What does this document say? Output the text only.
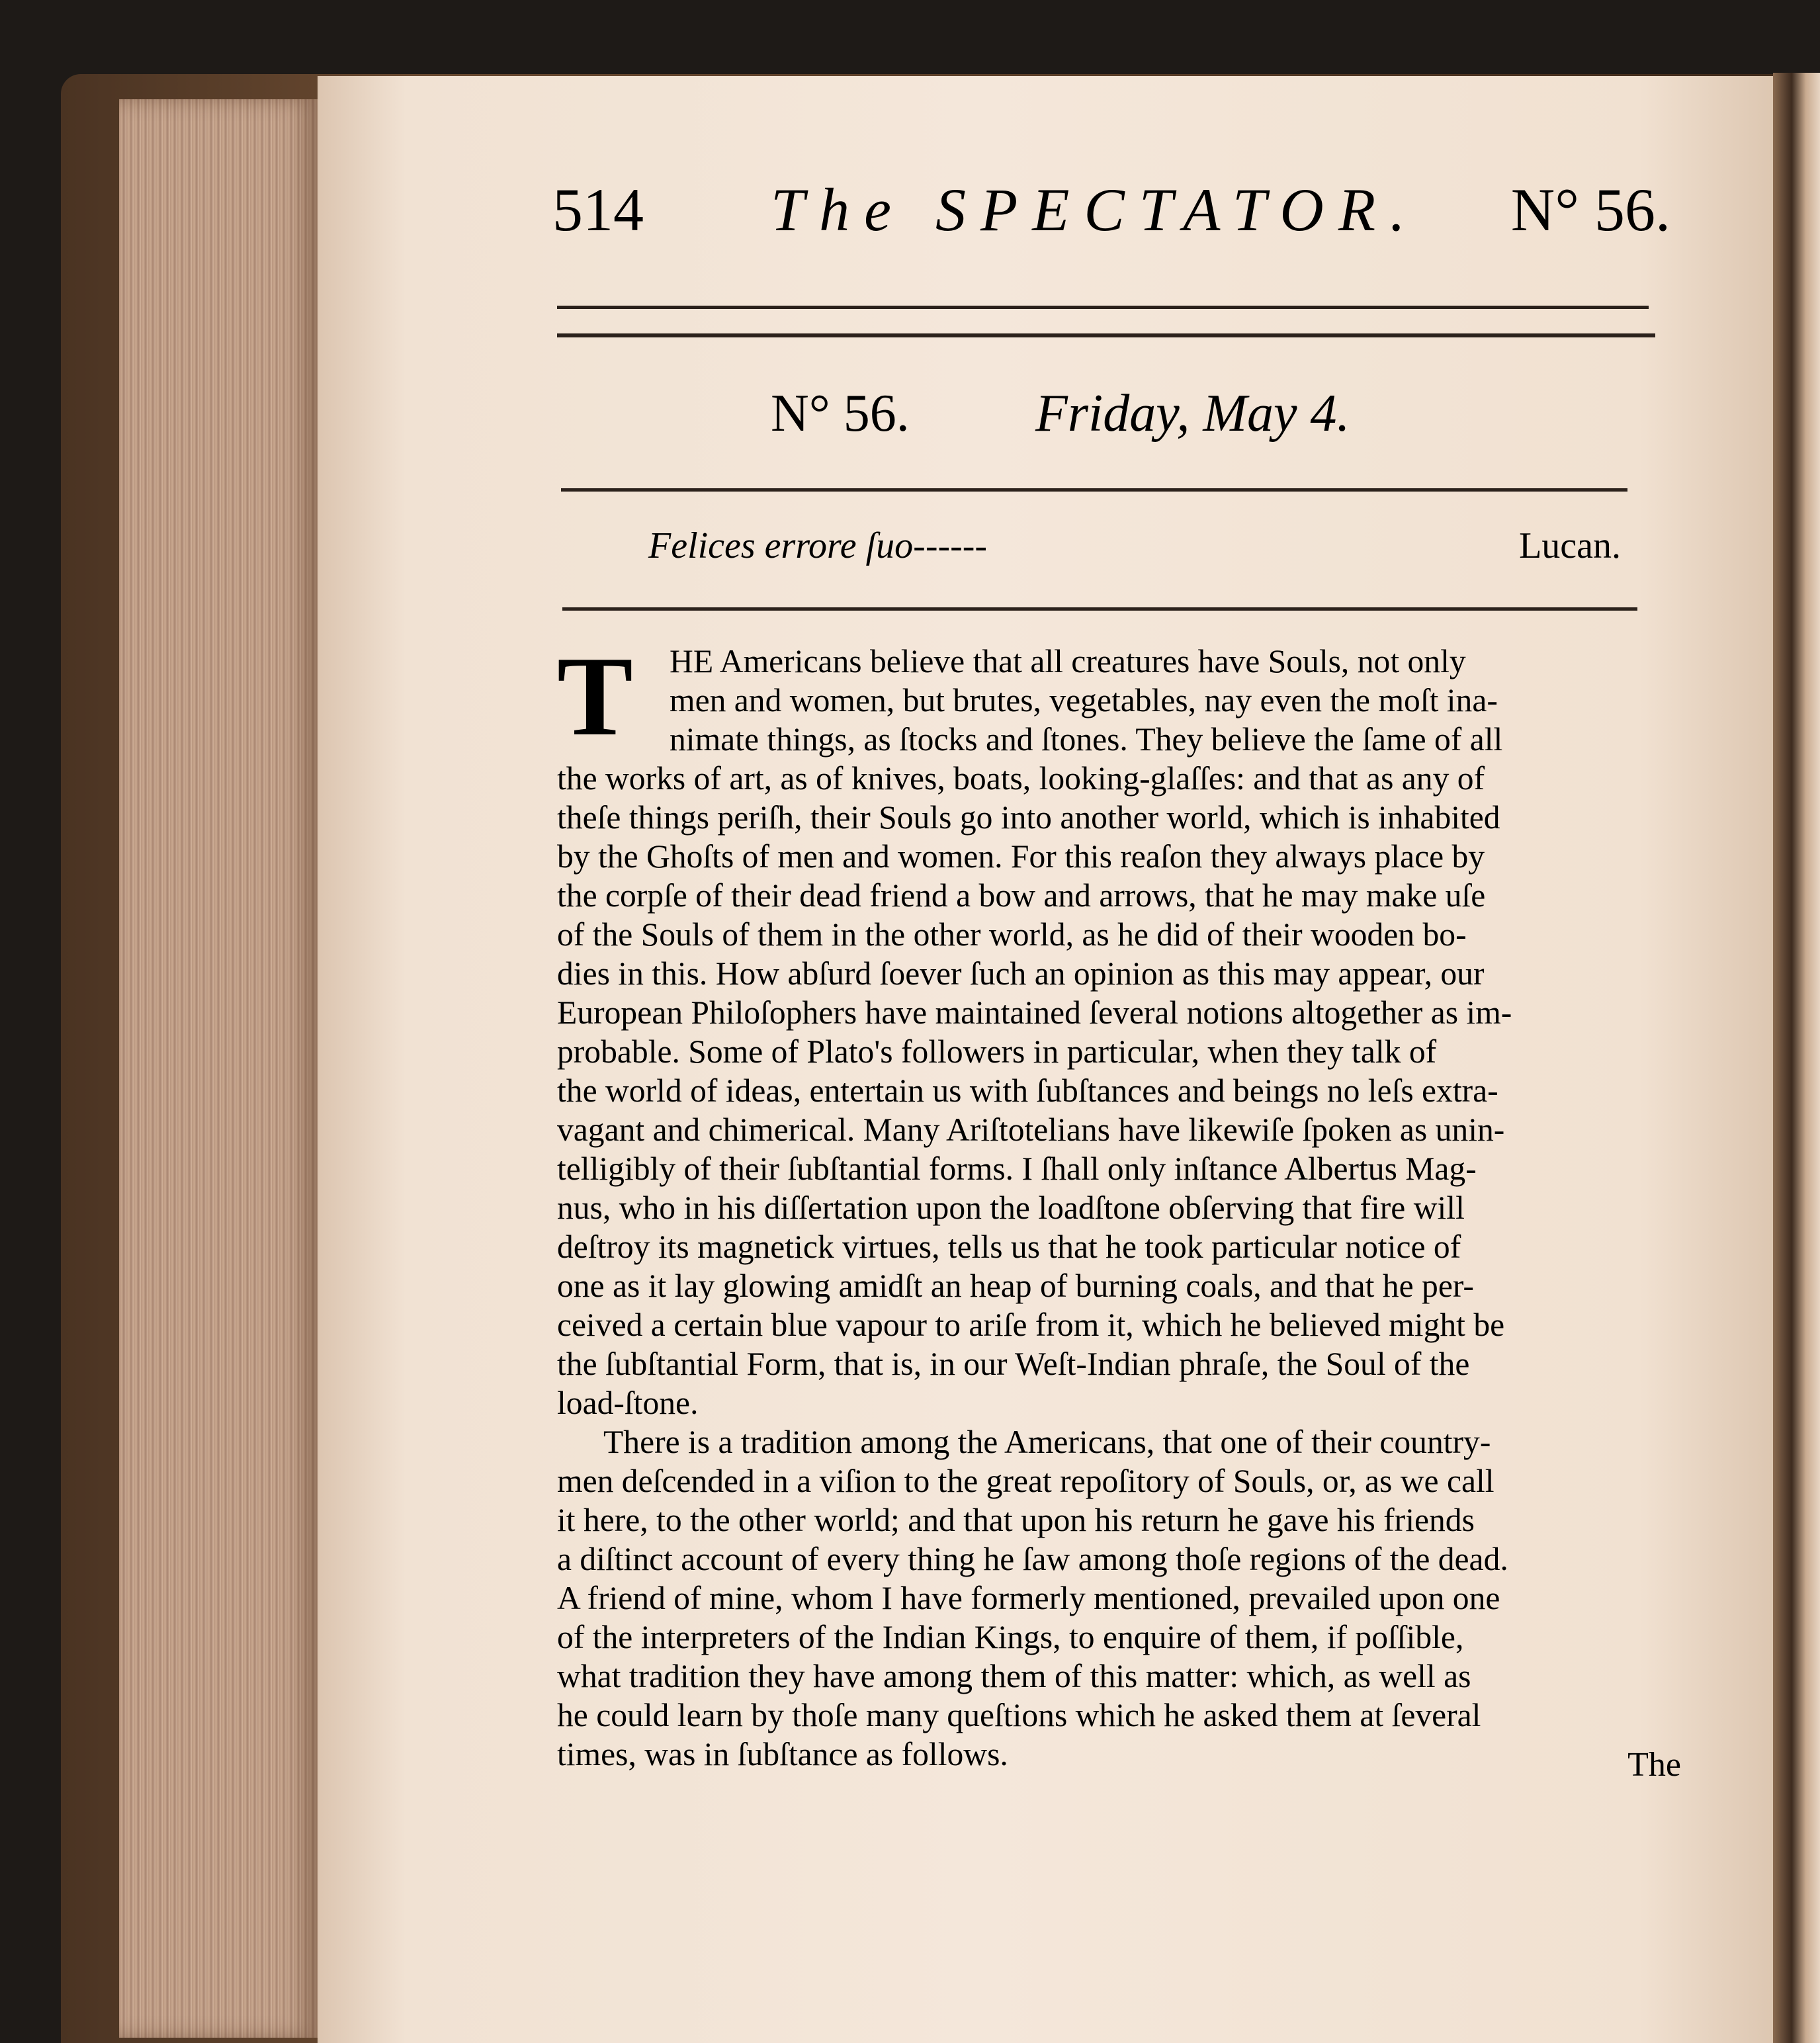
514 The SPECTATOR. N° 56.
N° 56. Friday, May 4.
Felices errore ſuo------	Lucan.
T	HE Americans believe that all creatures have Souls, not only
men and women, but brutes, vegetables, nay even the moſt ina-
nimate things, as ſtocks and ſtones. They believe the ſame of all
the works of art, as of knives, boats, looking-glaſſes: and that as any of
theſe things periſh, their Souls go into another world, which is inhabited
by the Ghoſts of men and women. For this reaſon they always place by
the corpſe of their dead friend a bow and arrows, that he may make uſe
of the Souls of them in the other world, as he did of their wooden bo-
dies in this. How abſurd ſoever ſuch an opinion as this may appear, our
European Philoſophers have maintained ſeveral notions altogether as im-
probable. Some of Plato's followers in particular, when they talk of
the world of ideas, entertain us with ſubſtances and beings no leſs extra-
vagant and chimerical. Many Ariſtotelians have likewiſe ſpoken as unin-
telligibly of their ſubſtantial forms. I ſhall only inſtance Albertus Mag-
nus, who in his diſſertation upon the loadſtone obſerving that fire will
deſtroy its magnetick virtues, tells us that he took particular notice of
one as it lay glowing amidſt an heap of burning coals, and that he per-
ceived a certain blue vapour to ariſe from it, which he believed might be
the ſubſtantial Form, that is, in our Weſt-Indian phraſe, the Soul of the
load-ſtone.
There is a tradition among the Americans, that one of their country-
men deſcended in a viſion to the great repoſitory of Souls, or, as we call
it here, to the other world; and that upon his return he gave his friends
a diſtinct account of every thing he ſaw among thoſe regions of the dead.
A friend of mine, whom I have formerly mentioned, prevailed upon one
of the interpreters of the Indian Kings, to enquire of them, if poſſible,
what tradition they have among them of this matter: which, as well as
he could learn by thoſe many queſtions which he asked them at ſeveral
times, was in ſubſtance as follows.	The
